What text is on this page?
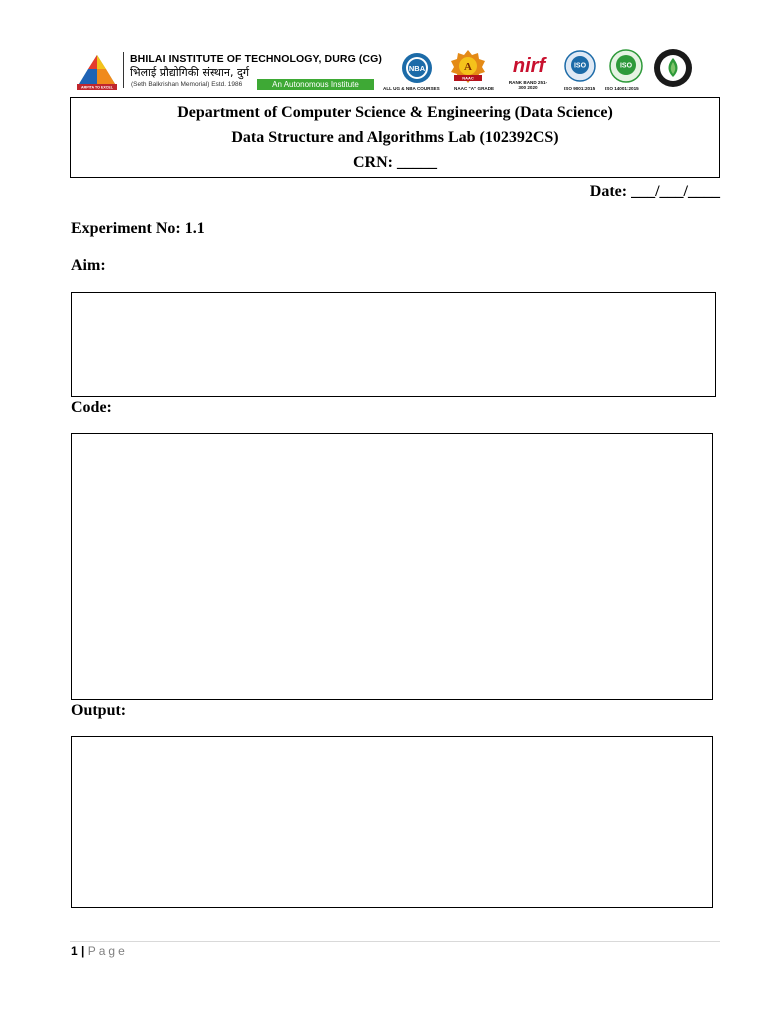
ARPITA TO EXCEL
BHILAI INSTITUTE OF TECHNOLOGY, DURG (CG)
भिलाई प्रौद्योगिकी संस्थान, दुर्ग
(Seth Balkrishan Memorial) Estd. 1986	An Autonomous Institute
NBA
ALL UG & NBA COURSES
A
NAAC
NAAC "A" GRADE
nirf
RANK BAND 251-300 2020
ISO
ISO 9001:2015
ISO
ISO 14001:2015
Department of Computer Science & Engineering (Data Science)
Data Structure and Algorithms Lab (102392CS)
CRN: _____
Date: ___/___/____
Experiment No: 1.1
Aim:
Code:
Output:
1 | Page
